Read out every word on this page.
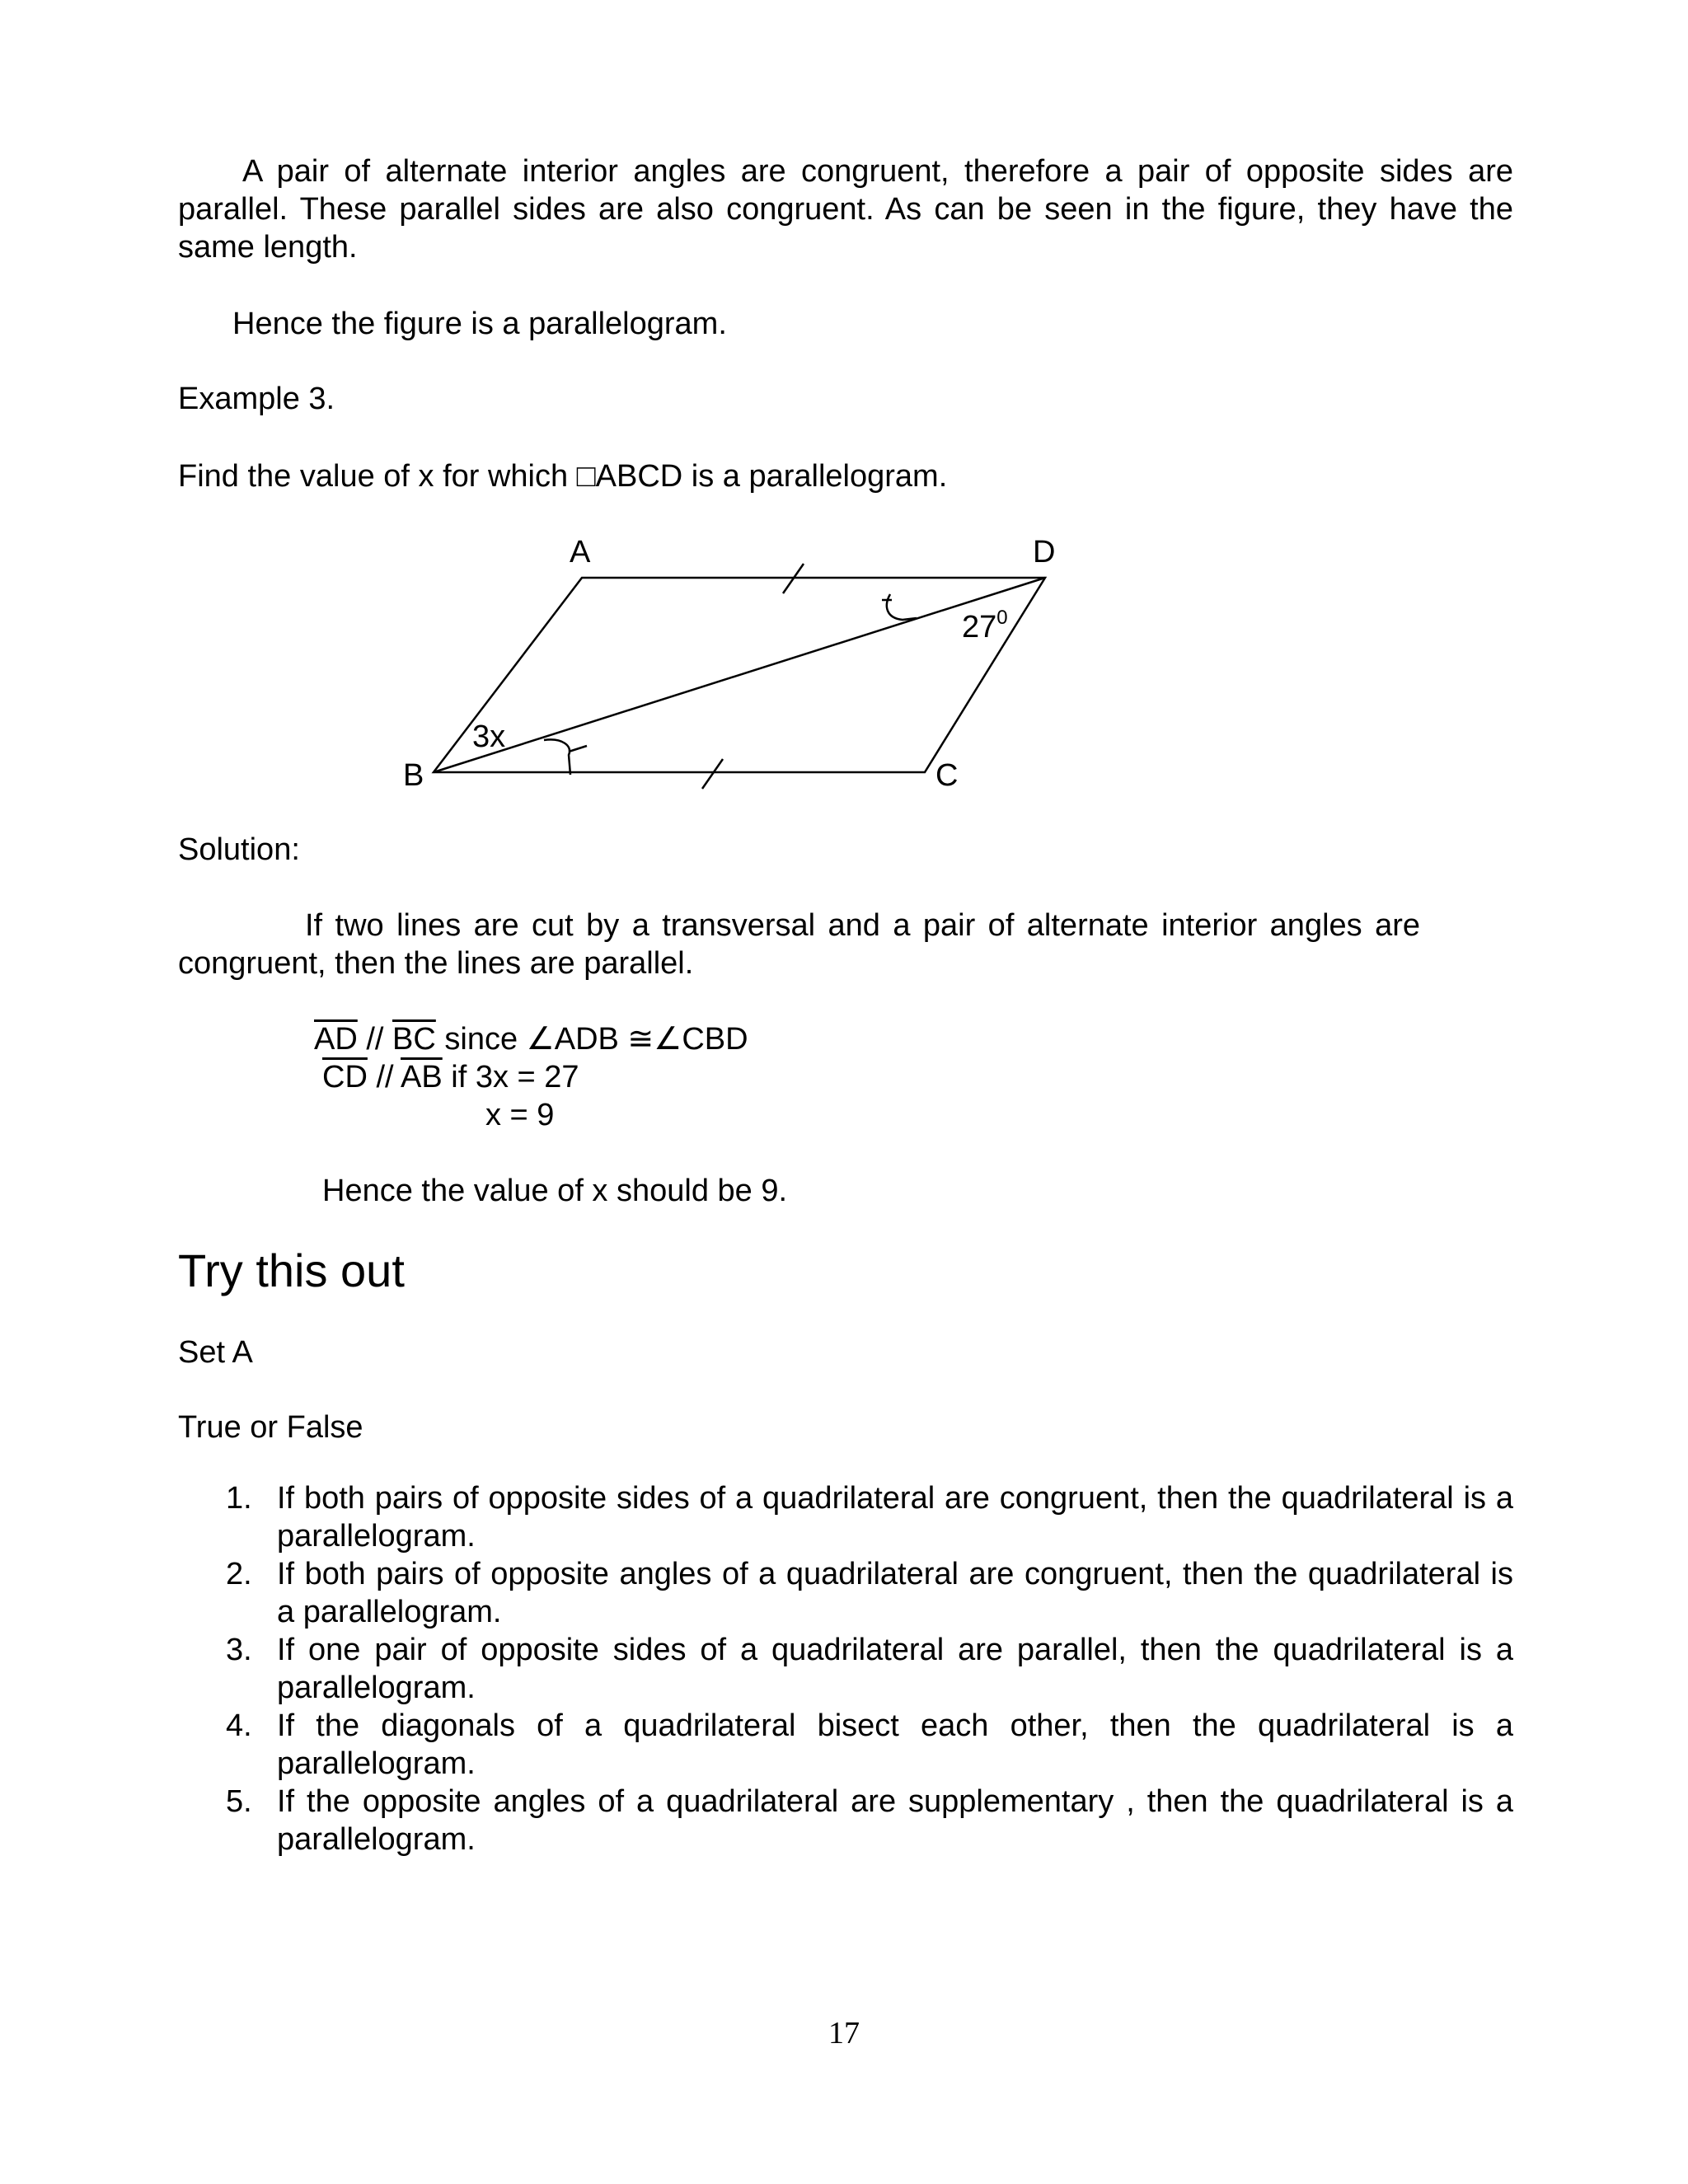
A pair of alternate interior angles are congruent, therefore a pair of opposite sides are parallel. These parallel sides are also congruent. As can be seen in the figure, they have the same length.

Hence the figure is a parallelogram.

Example 3.

Find the value of x for which □ABCD is a parallelogram.

A	D
B	C
3x
$27^0$

Solution:

If two lines are cut by a transversal and a pair of alternate interior angles are congruent, then the lines are parallel.

$\overline{AD} // \overline{BC}$ since ∠ADB ≅∠CBD

$\overline{CD} // \overline{AB}$ if 3x = 27

x = 9

Hence the value of x should be 9.

Try this out

Set A

True or False

1. If both pairs of opposite sides of a quadrilateral are congruent, then the quadrilateral is a parallelogram.
2. If both pairs of opposite angles of a quadrilateral are congruent, then the quadrilateral is a parallelogram.
3. If one pair of opposite sides of a quadrilateral are parallel, then the quadrilateral is a parallelogram.
4. If the diagonals of a quadrilateral bisect each other, then the quadrilateral is a parallelogram.
5. If the opposite angles of a quadrilateral are supplementary , then the quadrilateral is a parallelogram.
17
